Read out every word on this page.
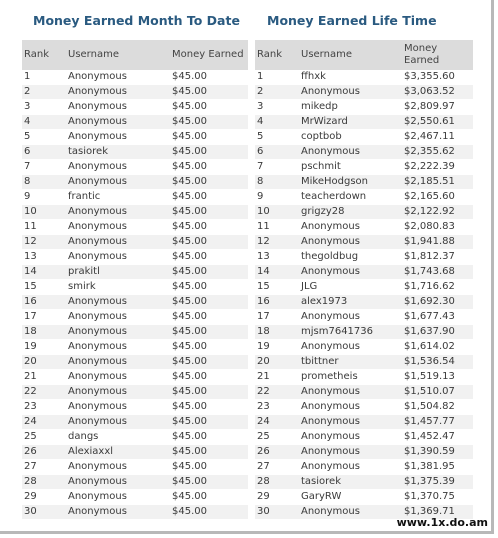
Money Earned Month To Date
Rank	Username	Money Earned
1	Anonymous	$45.00
2	Anonymous	$45.00
3	Anonymous	$45.00
4	Anonymous	$45.00
5	Anonymous	$45.00
6	tasiorek	$45.00
7	Anonymous	$45.00
8	Anonymous	$45.00
9	frantic	$45.00
10	Anonymous	$45.00
11	Anonymous	$45.00
12	Anonymous	$45.00
13	Anonymous	$45.00
14	prakitl	$45.00
15	smirk	$45.00
16	Anonymous	$45.00
17	Anonymous	$45.00
18	Anonymous	$45.00
19	Anonymous	$45.00
20	Anonymous	$45.00
21	Anonymous	$45.00
22	Anonymous	$45.00
23	Anonymous	$45.00
24	Anonymous	$45.00
25	dangs	$45.00
26	Alexiaxxl	$45.00
27	Anonymous	$45.00
28	Anonymous	$45.00
29	Anonymous	$45.00
30	Anonymous	$45.00
Money Earned Life Time
Rank	Username	Money Earned
1	ffhxk	$3,355.60
2	Anonymous	$3,063.52
3	mikedp	$2,809.97
4	MrWizard	$2,550.61
5	coptbob	$2,467.11
6	Anonymous	$2,355.62
7	pschmit	$2,222.39
8	MikeHodgson	$2,185.51
9	teacherdown	$2,165.60
10	grigzy28	$2,122.92
11	Anonymous	$2,080.83
12	Anonymous	$1,941.88
13	thegoldbug	$1,812.37
14	Anonymous	$1,743.68
15	JLG	$1,716.62
16	alex1973	$1,692.30
17	Anonymous	$1,677.43
18	mjsm7641736	$1,637.90
19	Anonymous	$1,614.02
20	tbittner	$1,536.54
21	prometheis	$1,519.13
22	Anonymous	$1,510.07
23	Anonymous	$1,504.82
24	Anonymous	$1,457.77
25	Anonymous	$1,452.47
26	Anonymous	$1,390.59
27	Anonymous	$1,381.95
28	tasiorek	$1,375.39
29	GaryRW	$1,370.75
30	Anonymous	$1,369.71
www.1x.do.am
